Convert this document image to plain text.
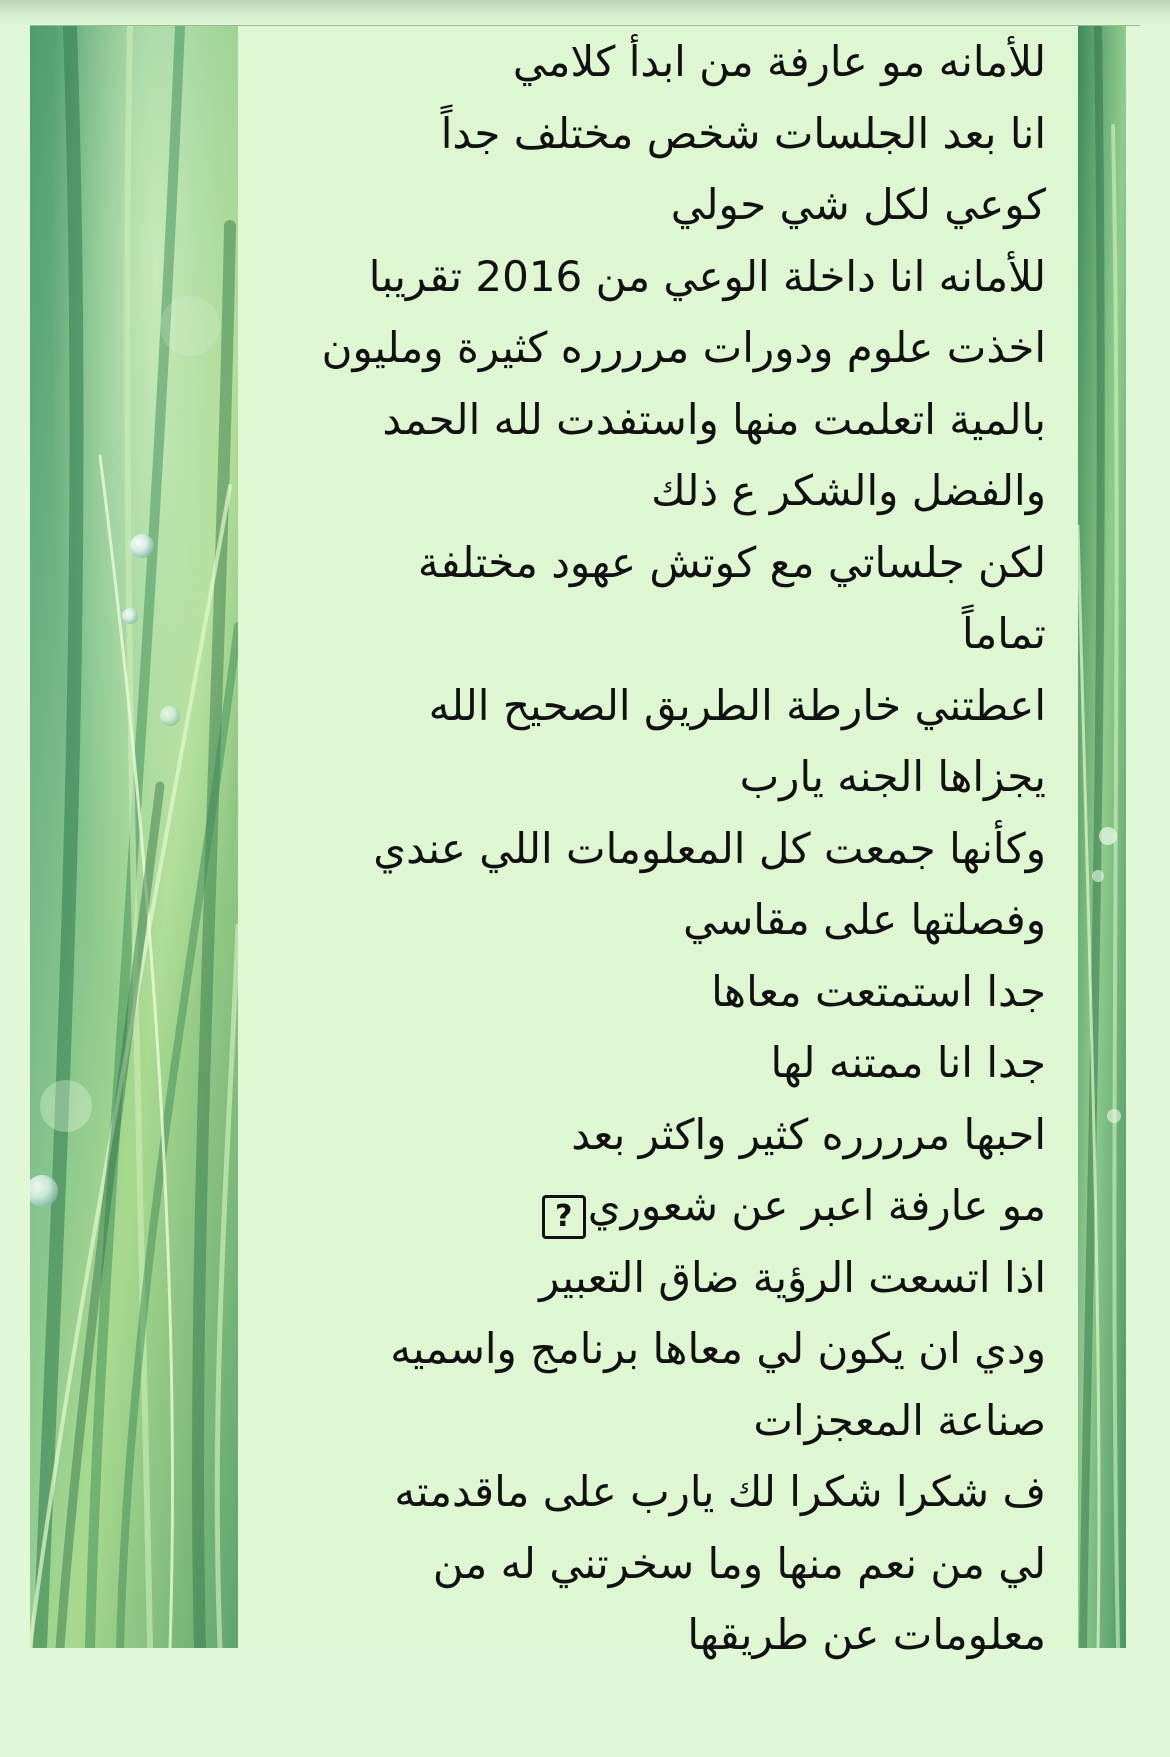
للأمانه مو عارفة من ابدأ كلامي
انا بعد الجلسات شخص مختلف جداً
كوعي لكل شي حولي
للأمانه انا داخلة الوعي من 2016 تقريبا
اخذت علوم ودورات مرررره كثيرة ومليون
بالمية اتعلمت منها واستفدت لله الحمد
والفضل والشكر ع ذلك
لكن جلساتي مع كوتش عهود مختلفة
تماماً
اعطتني خارطة الطريق الصحيح الله
يجزاها الجنه يارب
وكأنها جمعت كل المعلومات اللي عندي
وفصلتها على مقاسي
جدا استمتعت معاها
جدا انا ممتنه لها
احبها مرررره كثير واكثر بعد
مو عارفة اعبر عن شعوري?
اذا اتسعت الرؤية ضاق التعبير
ودي ان يكون لي معاها برنامج واسميه
صناعة المعجزات
ف شكرا شكرا لك يارب على ماقدمته
لي من نعم منها وما سخرتني له من
معلومات عن طريقها
